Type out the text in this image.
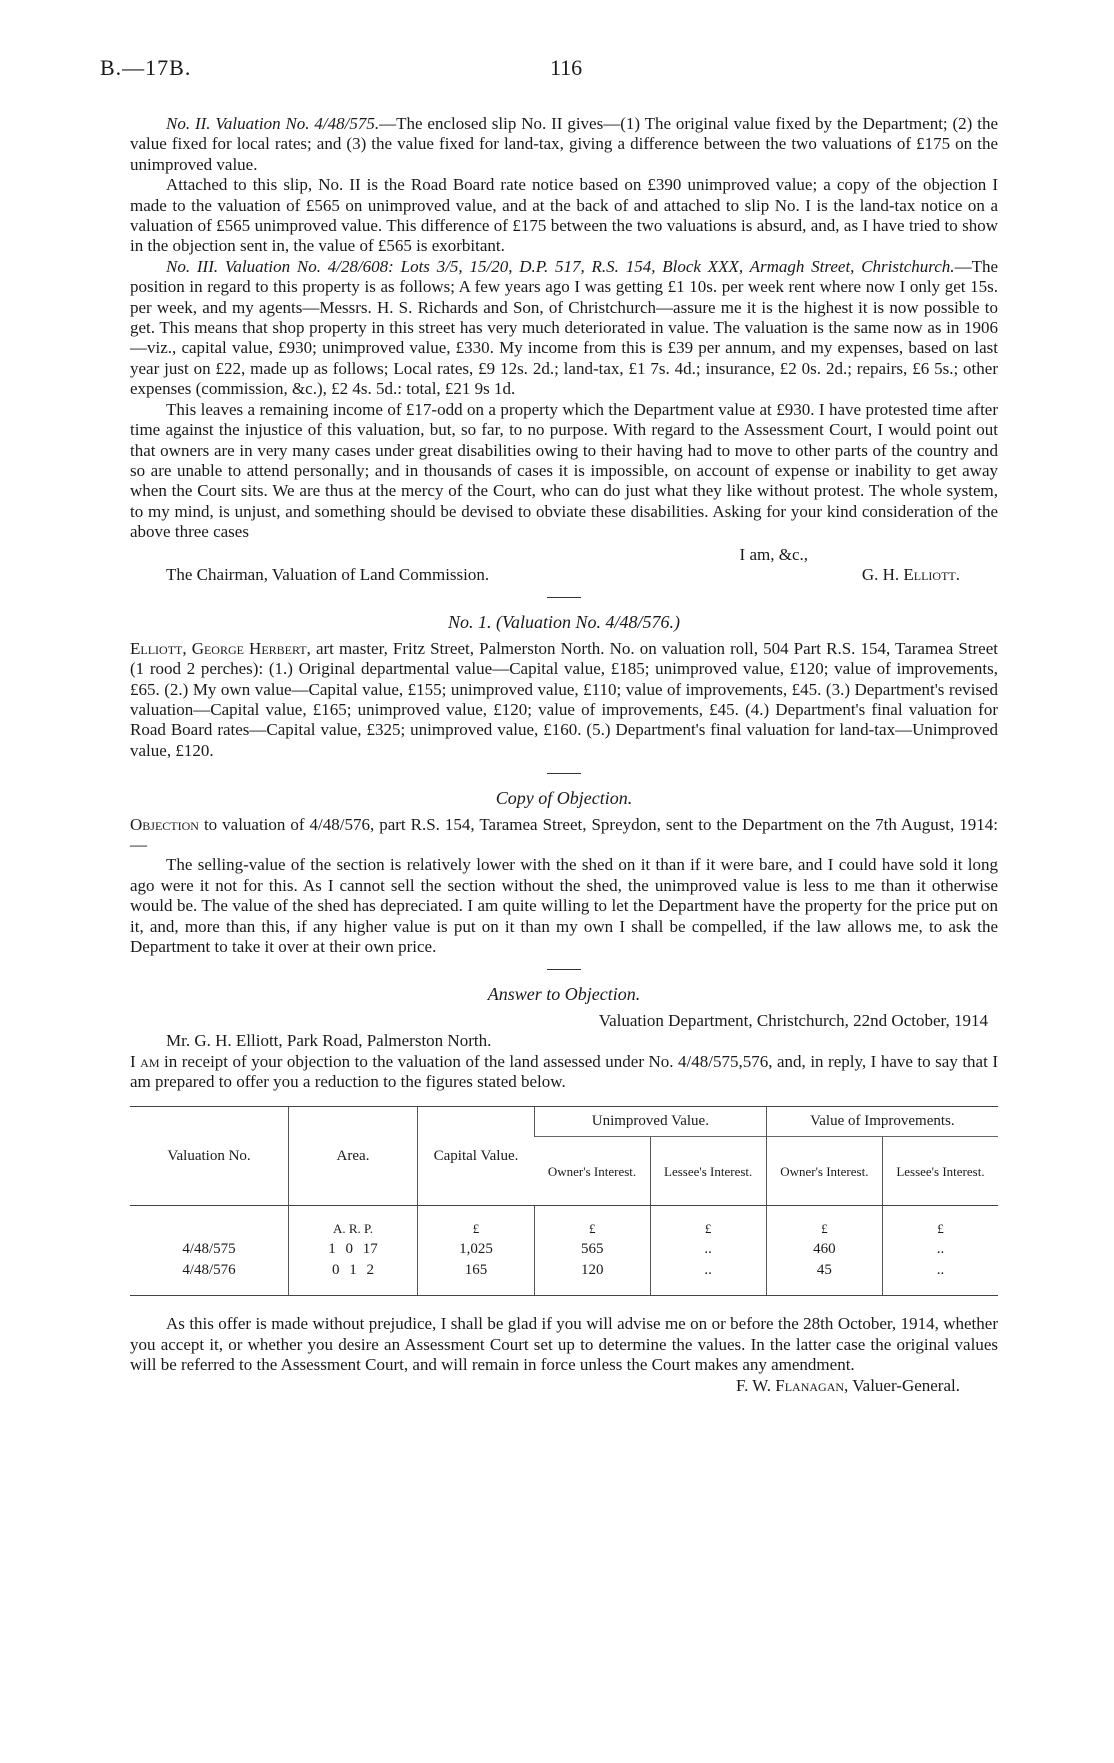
B.—17B.	116

No. II. Valuation No. 4/48/575.—The enclosed slip No. II gives—(1) The original value fixed by the Department; (2) the value fixed for local rates; and (3) the value fixed for land-tax, giving a difference between the two valuations of £175 on the unimproved value.

Attached to this slip, No. II is the Road Board rate notice based on £390 unimproved value; a copy of the objection I made to the valuation of £565 on unimproved value, and at the back of and attached to slip No. I is the land-tax notice on a valuation of £565 unimproved value. This difference of £175 between the two valuations is absurd, and, as I have tried to show in the objection sent in, the value of £565 is exorbitant.

No. III. Valuation No. 4/28/608: Lots 3/5, 15/20, D.P. 517, R.S. 154, Block XXX, Armagh Street, Christchurch.—The position in regard to this property is as follows; A few years ago I was getting £1 10s. per week rent where now I only get 15s. per week, and my agents—Messrs. H. S. Richards and Son, of Christchurch—assure me it is the highest it is now possible to get. This means that shop property in this street has very much deteriorated in value. The valuation is the same now as in 1906—viz., capital value, £930; unimproved value, £330. My income from this is £39 per annum, and my expenses, based on last year just on £22, made up as follows; Local rates, £9 12s. 2d.; land-tax, £1 7s. 4d.; insurance, £2 0s. 2d.; repairs, £6 5s.; other expenses (commission, &c.), £2 4s. 5d.: total, £21 9s 1d.

This leaves a remaining income of £17-odd on a property which the Department value at £930. I have protested time after time against the injustice of this valuation, but, so far, to no purpose. With regard to the Assessment Court, I would point out that owners are in very many cases under great disabilities owing to their having had to move to other parts of the country and so are unable to attend personally; and in thousands of cases it is impossible, on account of expense or inability to get away when the Court sits. We are thus at the mercy of the Court, who can do just what they like without protest. The whole system, to my mind, is unjust, and something should be devised to obviate these disabilities. Asking for your kind consideration of the above three cases

I am, &c.,
The Chairman, Valuation of Land Commission.	G. H. Elliott.
No. 1. (Valuation No. 4/48/576.)

Elliott, George Herbert, art master, Fritz Street, Palmerston North. No. on valuation roll, 504 Part R.S. 154, Taramea Street (1 rood 2 perches): (1.) Original departmental value—Capital value, £185; unimproved value, £120; value of improvements, £65. (2.) My own value—Capital value, £155; unimproved value, £110; value of improvements, £45. (3.) Department's revised valuation—Capital value, £165; unimproved value, £120; value of improvements, £45. (4.) Department's final valuation for Road Board rates—Capital value, £325; unimproved value, £160. (5.) Department's final valuation for land-tax—Unimproved value, £120.

Copy of Objection.

Objection to valuation of 4/48/576, part R.S. 154, Taramea Street, Spreydon, sent to the Department on the 7th August, 1914:—

The selling-value of the section is relatively lower with the shed on it than if it were bare, and I could have sold it long ago were it not for this. As I cannot sell the section without the shed, the unimproved value is less to me than it otherwise would be. The value of the shed has depreciated. I am quite willing to let the Department have the property for the price put on it, and, more than this, if any higher value is put on it than my own I shall be compelled, if the law allows me, to ask the Department to take it over at their own price.

Answer to Objection.
Valuation Department, Christchurch, 22nd October, 1914
Mr. G. H. Elliott, Park Road, Palmerston North.

I am in receipt of your objection to the valuation of the land assessed under No. 4/48/575,576, and, in reply, I have to say that I am prepared to offer you a reduction to the figures stated below.

Valuation No.	Area.	Capital Value.	Unimproved Value.		Value of Improvements.	
			Owner's Interest.	Lessee's Interest.	Owner's Interest.	Lessee's Interest.
	A. R. P.	£	£	£	£	£
4/48/575	1 0 17	1,025	565	..	460	..
4/48/576	0 1 2	165	120	..	45	..

As this offer is made without prejudice, I shall be glad if you will advise me on or before the 28th October, 1914, whether you accept it, or whether you desire an Assessment Court set up to determine the values. In the latter case the original values will be referred to the Assessment Court, and will remain in force unless the Court makes any amendment.

F. W. Flanagan, Valuer-General.
